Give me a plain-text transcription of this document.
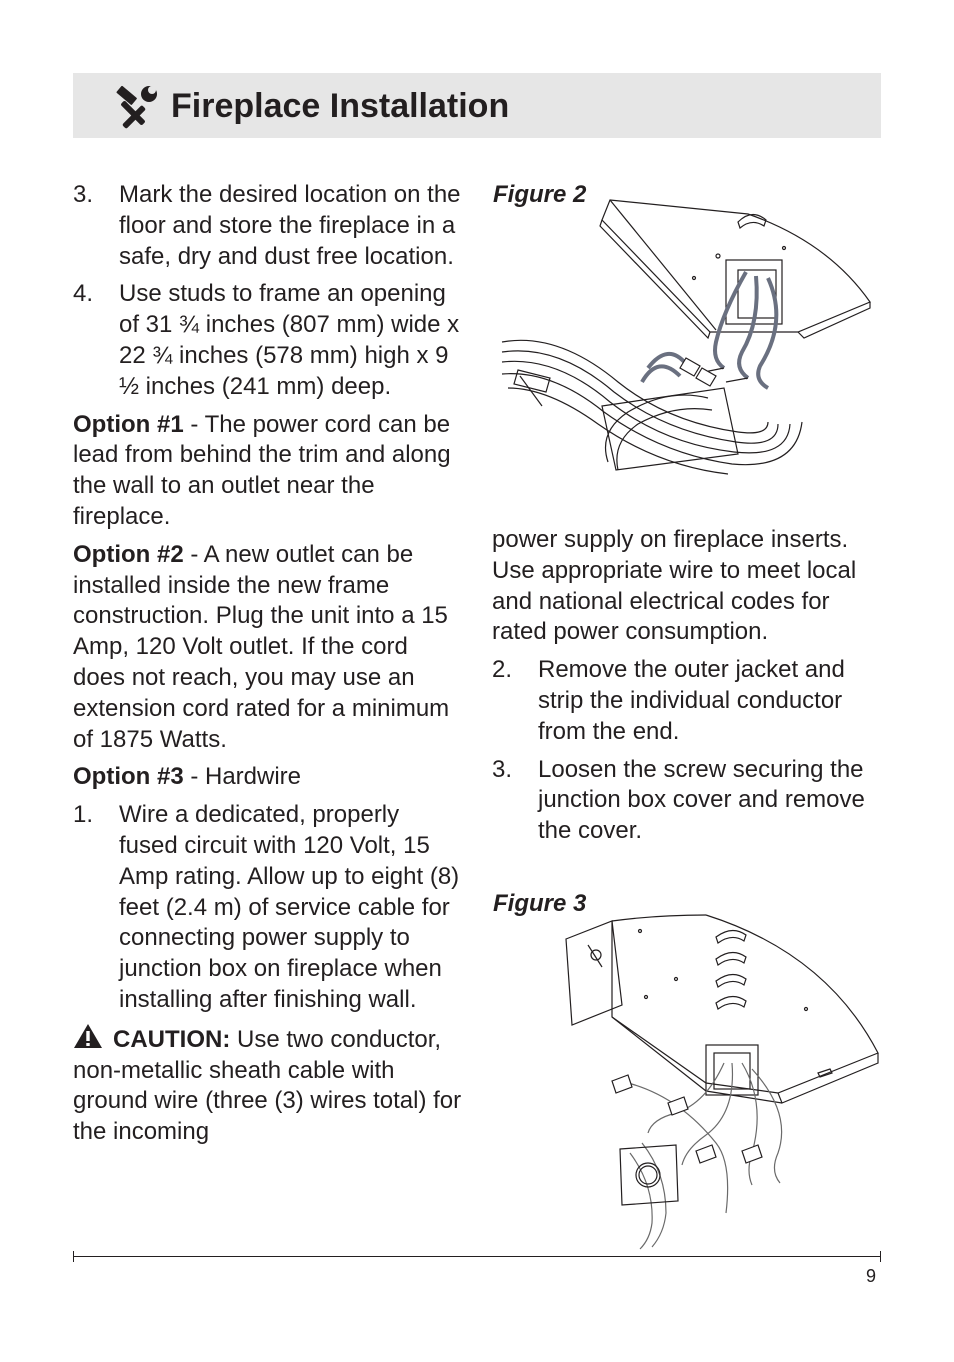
Fireplace Installation
3. Mark the desired location on the floor and store the fireplace in a safe, dry and dust free location.
4. Use studs to frame an opening of 31 ¾ inches (807 mm) wide x 22 ¾ inches (578 mm) high x 9 ½ inches (241 mm) deep.
Option #1 - The power cord can be lead from behind the trim and along the wall to an outlet near the fireplace.
Option #2 - A new outlet can be installed inside the new frame construction. Plug the unit into a 15 Amp, 120 Volt outlet. If the cord does not reach, you may use an extension cord rated for a minimum of 1875 Watts.
Option #3 - Hardwire
1. Wire a dedicated, properly fused circuit with 120 Volt, 15 Amp rating. Allow up to eight (8) feet (2.4 m) of service cable for connecting power supply to junction box on fireplace when installing after finishing wall.
CAUTION: Use two conductor, non-metallic sheath cable with ground wire (three (3) wires total) for the incoming
Figure 2
power supply on fireplace inserts. Use appropriate wire to meet local and national electrical codes for rated power consumption.
2. Remove the outer jacket and strip the individual conductor from the end.
3. Loosen the screw securing the junction box cover and remove the cover.
Figure 3
9
